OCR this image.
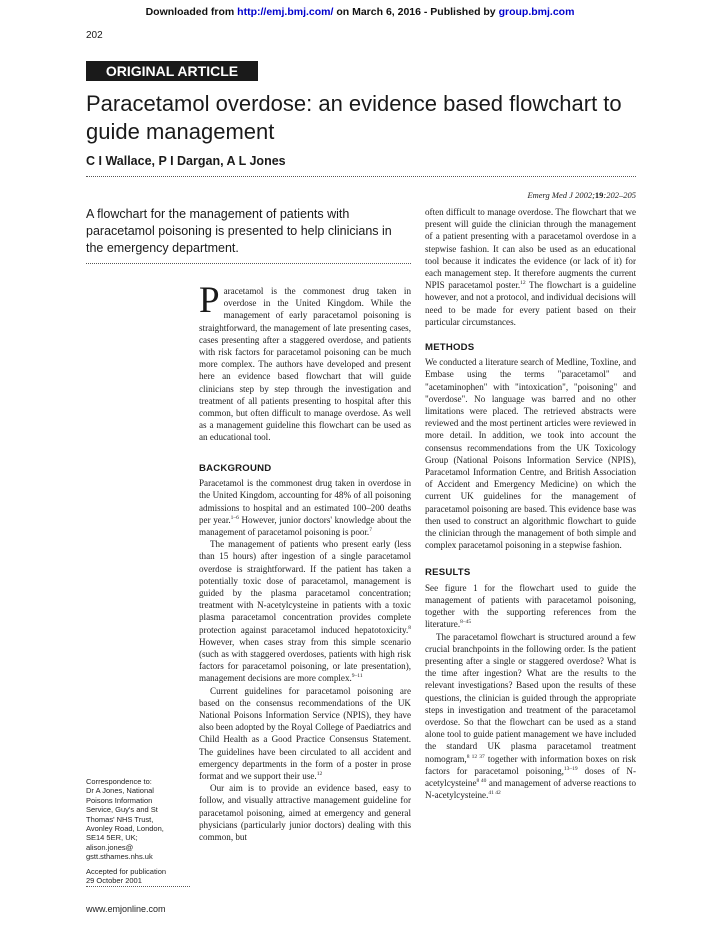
Downloaded from http://emj.bmj.com/ on March 6, 2016 - Published by group.bmj.com
202
ORIGINAL ARTICLE
Paracetamol overdose: an evidence based flowchart to guide management
C I Wallace, P I Dargan, A L Jones
Emerg Med J 2002;19:202–205
A flowchart for the management of patients with paracetamol poisoning is presented to help clinicians in the emergency department.
P aracetamol is the commonest drug taken in overdose in the United Kingdom. While the management of early paracetamol poisoning is straightforward, the management of late presenting cases, cases presenting after a staggered overdose, and patients with risk factors for paracetamol poisoning can be much more complex. The authors have developed and present here an evidence based flowchart that will guide clinicians step by step through the investigation and treatment of all patients presenting to hospital after this common, but often difficult to manage overdose. As well as a management guideline this flowchart can be used as an educational tool.
BACKGROUND

Paracetamol is the commonest drug taken in overdose in the United Kingdom, accounting for 48% of all poisoning admissions to hospital and an estimated 100–200 deaths per year.$^{1-6}$ However, junior doctors' knowledge about the management of paracetamol poisoning is poor.$^7$

The management of patients who present early (less than 15 hours) after ingestion of a single paracetamol overdose is straightforward. If the patient has taken a potentially toxic dose of paracetamol, management is guided by the plasma paracetamol concentration; treatment with N-acetylcysteine in patients with a toxic plasma paracetamol concentration provides complete protection against paracetamol induced hepatotoxicity.$^8$ However, when cases stray from this simple scenario (such as with staggered overdoses, patients with high risk factors for paracetamol poisoning, or late presentation), management decisions are more complex.$^{9-11}$

Current guidelines for paracetamol poisoning are based on the consensus recommendations of the UK National Poisons Information Service (NPIS), they have also been adopted by the Royal College of Paediatrics and Child Health as a Good Practice Consensus Statement. The guidelines have been circulated to all accident and emergency departments in the form of a poster in prose format and we support their use.$^{12}$

Our aim is to provide an evidence based, easy to follow, and visually attractive management guideline for paracetamol poisoning, aimed at emergency and general physicians (particularly junior doctors) dealing with this common, but

often difficult to manage overdose. The flowchart that we present will guide the clinician through the management of a patient presenting with a paracetamol overdose in a stepwise fashion. It can also be used as an educational tool because it indicates the evidence (or lack of it) for each management step. It therefore augments the current NPIS paracetamol poster.$^{12}$ The flowchart is a guideline however, and not a protocol, and individual decisions will need to be made for every patient based on their particular circumstances.

METHODS

We conducted a literature search of Medline, Toxline, and Embase using the terms "paracetamol" and "acetaminophen" with "intoxication", "poisoning" and "overdose". No language was barred and no other limitations were placed. The retrieved abstracts were reviewed and the most pertinent articles were reviewed in more detail. In addition, we took into account the consensus recommendations from the UK Toxicology Group (National Poisons Information Service (NPIS), Paracetamol Information Centre, and British Association of Accident and Emergency Medicine) on which the current UK guidelines for the management of paracetamol poisoning are based. This evidence base was then used to construct an algorithmic flowchart to guide the clinician through the management of both simple and complex paracetamol poisoning in a stepwise fashion.

RESULTS

See figure 1 for the flowchart used to guide the management of patients with paracetamol poisoning, together with the supporting references from the literature.$^{8-45}$

The paracetamol flowchart is structured around a few crucial branchpoints in the following order. Is the patient presenting after a single or staggered overdose? What is the time after ingestion? What are the results to the relevant investigations? Based upon the results of these questions, the clinician is guided through the appropriate steps in investigation and treatment of the paracetamol overdose. So that the flowchart can be used as a stand alone tool to guide patient management we have included the standard UK plasma paracetamol treatment nomogram,$^{8 12 37}$ together with information boxes on risk factors for paracetamol poisoning,$^{13-19}$ doses of N-acetylcysteine$^{8 40}$ and management of adverse reactions to N-acetylcysteine.$^{41 42}$

Correspondence to:
Dr A Jones, National
Poisons Information
Service, Guy's and St
Thomas' NHS Trust,
Avonley Road, London,
SE14 5ER, UK;
alison.jones@
gstt.sthames.nhs.uk

Accepted for publication
29 October 2001

www.emjonline.com
